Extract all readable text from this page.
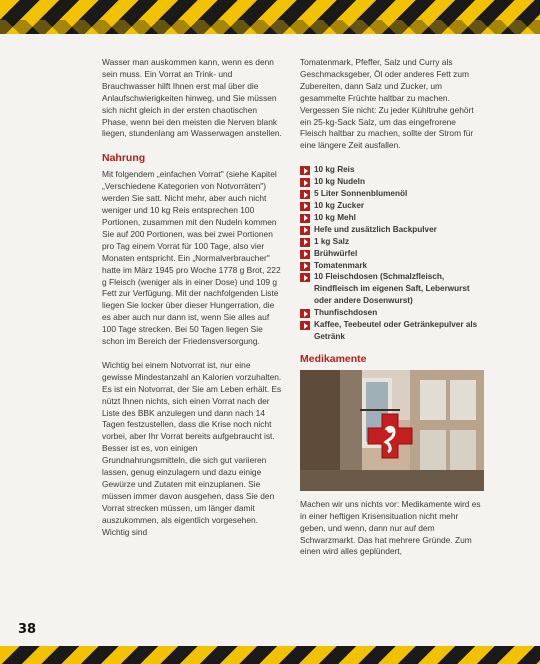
Wasser man auskommen kann, wenn es denn sein muss. Ein Vorrat an Trink- und Brauchwasser hilft Ihnen erst mal über die Anlaufschwierigkeiten hinweg, und Sie müssen sich nicht gleich in der ersten chaotischen Phase, wenn bei den meisten die Nerven blank liegen, stundenlang am Wasserwagen anstellen.

Nahrung

Mit folgendem „einfachen Vorrat" (siehe Kapitel „Verschiedene Kategorien von Notvorräten") werden Sie satt. Nicht mehr, aber auch nicht weniger und 10 kg Reis entsprechen 100 Portionen, zusammen mit den Nudeln kommen Sie auf 200 Portionen, was bei zwei Portionen pro Tag einem Vorrat für 100 Tage, also vier Monaten entspricht. Ein „Normalverbraucher" hatte im März 1945 pro Woche 1778 g Brot, 222 g Fleisch (weniger als in einer Dose) und 109 g Fett zur Verfügung. Mit der nachfolgenden Liste liegen Sie locker über dieser Hungerration, die es aber auch nur dann ist, wenn Sie alles auf 100 Tage strecken. Bei 50 Tagen liegen Sie schon im Bereich der Friedensversorgung.

Wichtig bei einem Notvorrat ist, nur eine gewisse Mindestanzahl an Kalorien vorzuhalten. Es ist ein Notvorrat, der Sie am Leben erhält. Es nützt Ihnen nichts, sich einen Vorrat nach der Liste des BBK anzulegen und dann nach 14 Tagen festzustellen, dass die Krise noch nicht vorbei, aber Ihr Vorrat bereits aufgebraucht ist. Besser ist es, von einigen Grundnahrungsmitteln, die sich gut variieren lassen, genug einzulagern und dazu einige Gewürze und Zutaten mit einzuplanen. Sie müssen immer davon ausgehen, dass Sie den Vorrat strecken müssen, um länger damit auszukommen, als eigentlich vorgesehen. Wichtig sind

Tomatenmark, Pfeffer, Salz und Curry als Geschmacksgeber, Öl oder anderes Fett zum Zubereiten, dann Salz und Zucker, um gesammelte Früchte haltbar zu machen. Vergessen Sie nicht: Zu jeder Kühltruhe gehört ein 25-kg-Sack Salz, um das eingefrorene Fleisch haltbar zu machen, sollte der Strom für eine längere Zeit ausfallen.

10 kg Reis
10 kg Nudeln
5 Liter Sonnenblumenöl
10 kg Zucker
10 kg Mehl
Hefe und zusätzlich Backpulver
1 kg Salz
Brühwürfel
Tomatenmark
10 Fleischdosen (Schmalzfleisch, Rindfleisch im eigenen Saft, Leberwurst oder andere Dosenwurst)
Thunfischdosen
Kaffee, Teebeutel oder Getränkepulver als Getränk
Medikamente

Machen wir uns nichts vor: Medikamente wird es in einer heftigen Krisensituation nicht mehr geben, und wenn, dann nur auf dem Schwarzmarkt. Das hat mehrere Gründe. Zum einen wird alles geplündert,

38
